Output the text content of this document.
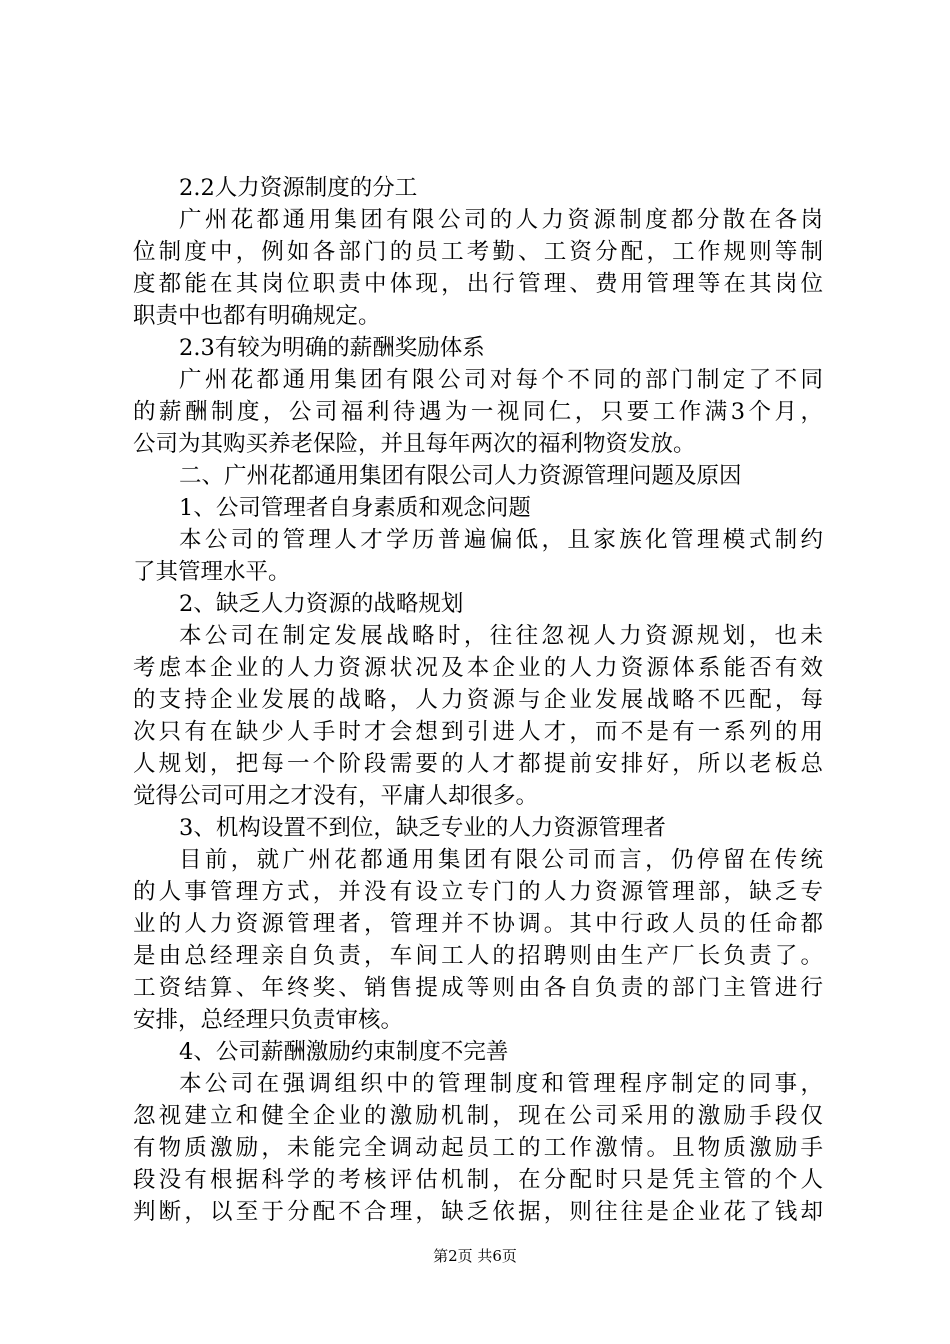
2.2人力资源制度的分工
广州花都通用集团有限公司的人力资源制度都分散在各岗
位制度中，例如各部门的员工考勤、工资分配，工作规则等制
度都能在其岗位职责中体现，出行管理、费用管理等在其岗位
职责中也都有明确规定。
2.3有较为明确的薪酬奖励体系
广州花都通用集团有限公司对每个不同的部门制定了不同
的薪酬制度，公司福利待遇为一视同仁，只要工作满3个月，
公司为其购买养老保险，并且每年两次的福利物资发放。
二、广州花都通用集团有限公司人力资源管理问题及原因
1、公司管理者自身素质和观念问题
本公司的管理人才学历普遍偏低，且家族化管理模式制约
了其管理水平。
2、缺乏人力资源的战略规划
本公司在制定发展战略时，往往忽视人力资源规划，也未
考虑本企业的人力资源状况及本企业的人力资源体系能否有效
的支持企业发展的战略，人力资源与企业发展战略不匹配，每
次只有在缺少人手时才会想到引进人才，而不是有一系列的用
人规划，把每一个阶段需要的人才都提前安排好，所以老板总
觉得公司可用之才没有，平庸人却很多。
3、机构设置不到位，缺乏专业的人力资源管理者
目前，就广州花都通用集团有限公司而言，仍停留在传统
的人事管理方式，并没有设立专门的人力资源管理部，缺乏专
业的人力资源管理者，管理并不协调。其中行政人员的任命都
是由总经理亲自负责，车间工人的招聘则由生产厂长负责了。
工资结算、年终奖、销售提成等则由各自负责的部门主管进行
安排，总经理只负责审核。
4、公司薪酬激励约束制度不完善
本公司在强调组织中的管理制度和管理程序制定的同事，
忽视建立和健全企业的激励机制，现在公司采用的激励手段仅
有物质激励，未能完全调动起员工的工作激情。且物质激励手
段没有根据科学的考核评估机制，在分配时只是凭主管的个人
判断，以至于分配不合理，缺乏依据，则往往是企业花了钱却
第2页 共6页
